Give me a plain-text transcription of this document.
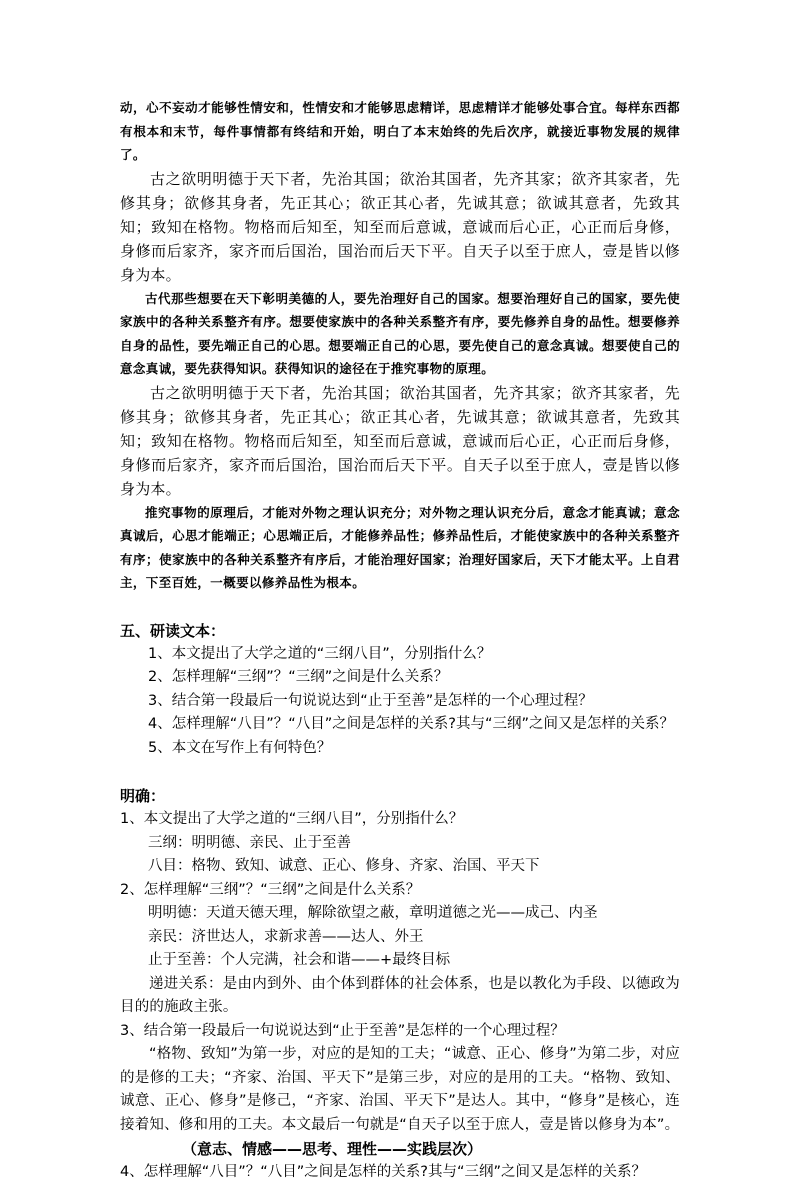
动，心不妄动才能够性情安和，性情安和才能够思虑精详，思虑精详才能够处事合宜。每样东西都有根本和末节，每件事情都有终结和开始，明白了本末始终的先后次序，就接近事物发展的规律了。

古之欲明明德于天下者，先治其国；欲治其国者，先齐其家；欲齐其家者，先修其身；欲修其身者，先正其心；欲正其心者，先诚其意；欲诚其意者，先致其知；致知在格物。物格而后知至，知至而后意诚，意诚而后心正，心正而后身修，身修而后家齐，家齐而后国治，国治而后天下平。自天子以至于庶人，壹是皆以修身为本。

古代那些想要在天下彰明美德的人，要先治理好自己的国家。想要治理好自己的国家，要先使家族中的各种关系整齐有序。想要使家族中的各种关系整齐有序，要先修养自身的品性。想要修养自身的品性，要先端正自己的心思。想要端正自己的心思，要先使自己的意念真诚。想要使自己的意念真诚，要先获得知识。获得知识的途径在于推究事物的原理。

古之欲明明德于天下者，先治其国；欲治其国者，先齐其家；欲齐其家者，先修其身；欲修其身者，先正其心；欲正其心者，先诚其意；欲诚其意者，先致其知；致知在格物。物格而后知至，知至而后意诚，意诚而后心正，心正而后身修，身修而后家齐，家齐而后国治，国治而后天下平。自天子以至于庶人，壹是皆以修身为本。

推究事物的原理后，才能对外物之理认识充分；对外物之理认识充分后，意念才能真诚；意念真诚后，心思才能端正；心思端正后，才能修养品性；修养品性后，才能使家族中的各种关系整齐有序；使家族中的各种关系整齐有序后，才能治理好国家；治理好国家后，天下才能太平。上自君主，下至百姓，一概要以修养品性为根本。

五、研读文本：

1、本文提出了大学之道的“三纲八目”，分别指什么？

2、怎样理解“三纲”？“三纲”之间是什么关系？

3、结合第一段最后一句说说达到“止于至善”是怎样的一个心理过程？

4、怎样理解“八目”？“八目”之间是怎样的关系?其与“三纲”之间又是怎样的关系？

5、本文在写作上有何特色？

明确：

1、本文提出了大学之道的“三纲八目”，分别指什么？

三纲：明明德、亲民、止于至善

八目：格物、致知、诚意、正心、修身、齐家、治国、平天下

2、怎样理解“三纲”？“三纲”之间是什么关系？

明明德：天道天德天理，解除欲望之蔽，章明道德之光——成己、内圣

亲民：济世达人，求新求善——达人、外王

止于至善：个人完满，社会和谐——+最终目标

递进关系：是由内到外、由个体到群体的社会体系，也是以教化为手段、以德政为目的的施政主张。

3、结合第一段最后一句说说达到“止于至善”是怎样的一个心理过程？

“格物、致知”为第一步，对应的是知的工夫；“诚意、正心、修身”为第二步，对应的是修的工夫；“齐家、治国、平天下”是第三步，对应的是用的工夫。“格物、致知、诚意、正心、修身”是修己，“齐家、治国、平天下”是达人。其中，“修身”是核心，连接着知、修和用的工夫。本文最后一句就是“自天子以至于庶人，壹是皆以修身为本”。

（意志、情感——思考、理性——实践层次）

4、怎样理解“八目”？“八目”之间是怎样的关系?其与“三纲”之间又是怎样的关系？
